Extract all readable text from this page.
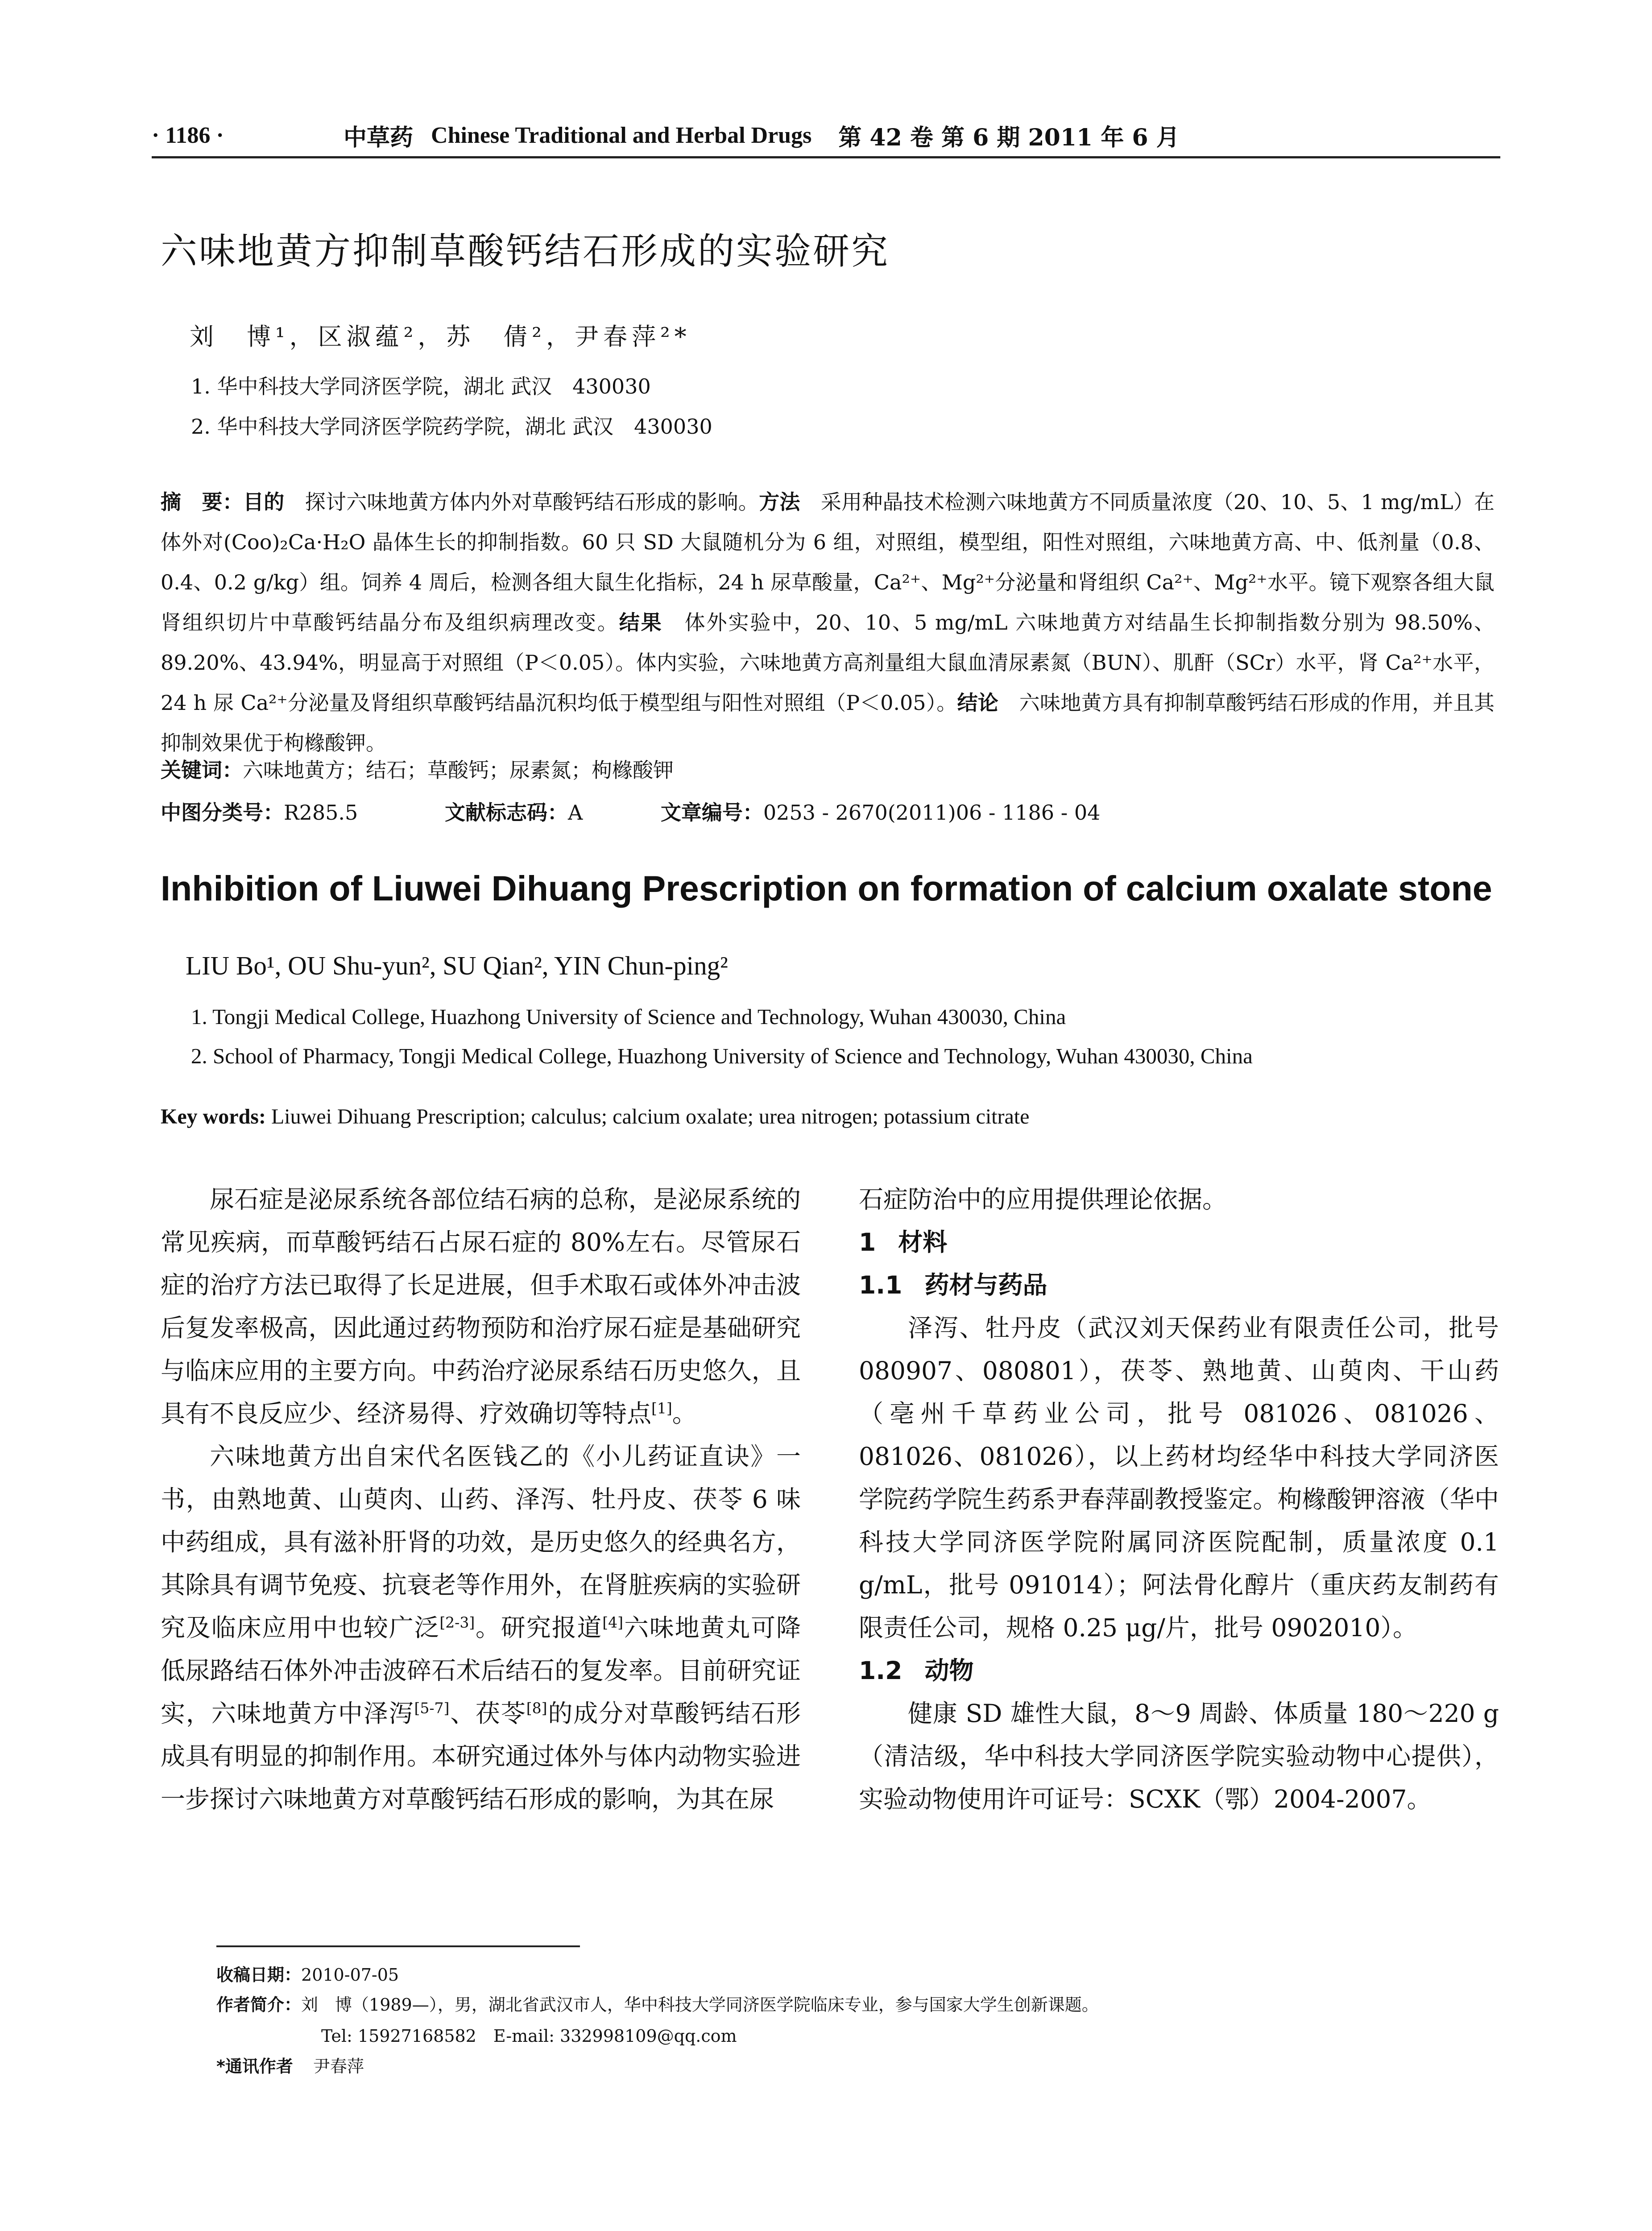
· 1186 ·	中草药 Chinese Traditional and Herbal Drugs 第 42 卷 第 6 期 2011 年 6 月
六味地黄方抑制草酸钙结石形成的实验研究
刘　博¹，区淑蕴²，苏　倩²，尹春萍²*
1. 华中科技大学同济医学院，湖北 武汉　430030
2. 华中科技大学同济医学院药学院，湖北 武汉　430030
摘　要：目的　探讨六味地黄方体内外对草酸钙结石形成的影响。方法　采用种晶技术检测六味地黄方不同质量浓度（20、10、5、1 mg/mL）在体外对(Coo)₂Ca·H₂O 晶体生长的抑制指数。60 只 SD 大鼠随机分为 6 组，对照组，模型组，阳性对照组，六味地黄方高、中、低剂量（0.8、0.4、0.2 g/kg）组。饲养 4 周后，检测各组大鼠生化指标，24 h 尿草酸量，Ca²⁺、Mg²⁺分泌量和肾组织 Ca²⁺、Mg²⁺水平。镜下观察各组大鼠肾组织切片中草酸钙结晶分布及组织病理改变。结果　体外实验中，20、10、5 mg/mL 六味地黄方对结晶生长抑制指数分别为 98.50%、89.20%、43.94%，明显高于对照组（P＜0.05）。体内实验，六味地黄方高剂量组大鼠血清尿素氮（BUN）、肌酐（SCr）水平，肾 Ca²⁺水平，24 h 尿 Ca²⁺分泌量及肾组织草酸钙结晶沉积均低于模型组与阳性对照组（P＜0.05）。结论　六味地黄方具有抑制草酸钙结石形成的作用，并且其抑制效果优于枸橼酸钾。
关键词：六味地黄方；结石；草酸钙；尿素氮；枸橼酸钾
中图分类号：R285.5	文献标志码：A	文章编号：0253 - 2670(2011)06 - 1186 - 04
Inhibition of Liuwei Dihuang Prescription on formation of calcium oxalate stone
LIU Bo¹, OU Shu-yun², SU Qian², YIN Chun-ping²
1. Tongji Medical College, Huazhong University of Science and Technology, Wuhan 430030, China
2. School of Pharmacy, Tongji Medical College, Huazhong University of Science and Technology, Wuhan 430030, China
Key words: Liuwei Dihuang Prescription; calculus; calcium oxalate; urea nitrogen; potassium citrate

尿石症是泌尿系统各部位结石病的总称，是泌尿系统的常见疾病，而草酸钙结石占尿石症的 80%左右。尽管尿石症的治疗方法已取得了长足进展，但手术取石或体外冲击波后复发率极高，因此通过药物预防和治疗尿石症是基础研究与临床应用的主要方向。中药治疗泌尿系结石历史悠久，且具有不良反应少、经济易得、疗效确切等特点[1]。

六味地黄方出自宋代名医钱乙的《小儿药证直诀》一书，由熟地黄、山萸肉、山药、泽泻、牡丹皮、茯苓 6 味中药组成，具有滋补肝肾的功效，是历史悠久的经典名方，其除具有调节免疫、抗衰老等作用外，在肾脏疾病的实验研究及临床应用中也较广泛[2-3]。研究报道[4]六味地黄丸可降低尿路结石体外冲击波碎石术后结石的复发率。目前研究证实，六味地黄方中泽泻[5-7]、茯苓[8]的成分对草酸钙结石形成具有明显的抑制作用。本研究通过体外与体内动物实验进一步探讨六味地黄方对草酸钙结石形成的影响，为其在尿

石症防治中的应用提供理论依据。

1 材料

1.1 药材与药品

泽泻、牡丹皮（武汉刘天保药业有限责任公司，批号 080907、080801），茯苓、熟地黄、山萸肉、干山药（亳州千草药业公司，批号 081026、081026、081026、081026），以上药材均经华中科技大学同济医学院药学院生药系尹春萍副教授鉴定。枸橼酸钾溶液（华中科技大学同济医学院附属同济医院配制，质量浓度 0.1 g/mL，批号 091014）；阿法骨化醇片（重庆药友制药有限责任公司，规格 0.25 μg/片，批号 0902010）。

1.2 动物

健康 SD 雄性大鼠，8～9 周龄、体质量 180～220 g（清洁级，华中科技大学同济医学院实验动物中心提供），实验动物使用许可证号：SCXK（鄂）2004-2007。

收稿日期：2010-07-05
作者简介：刘　博（1989—），男，湖北省武汉市人，华中科技大学同济医学院临床专业，参与国家大学生创新课题。
Tel: 15927168582　E-mail: 332998109@qq.com
*通讯作者 尹春萍
